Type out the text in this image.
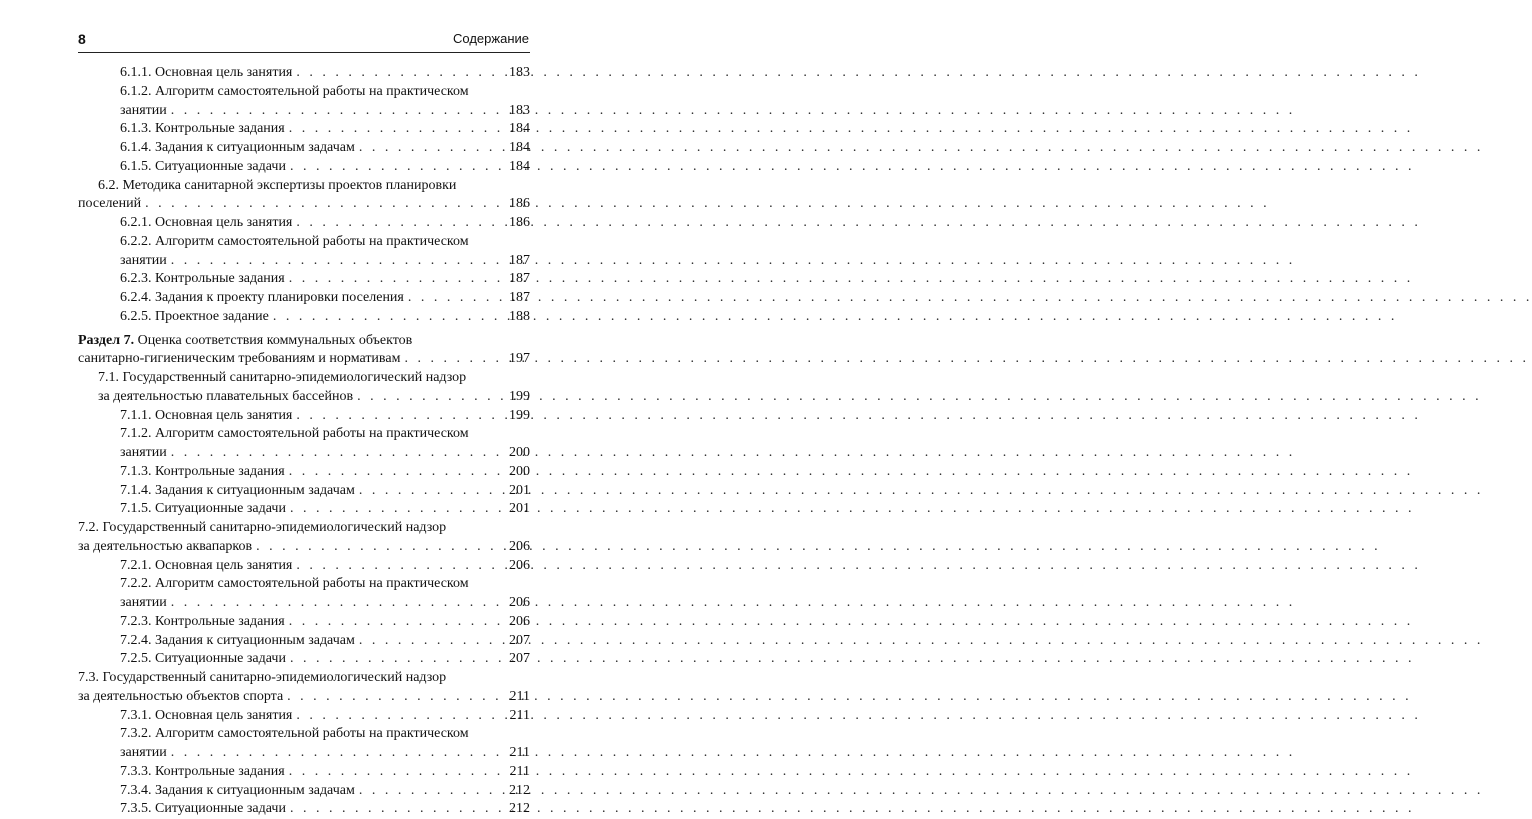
8	Содержание
6.1.1. Основная цель занятия . . .	183
6.1.2. Алгоритм самостоятельной работы на практическом
занятии . . .	183
6.1.3. Контрольные задания . . .	184
6.1.4. Задания к ситуационным задачам . . .	184
6.1.5. Ситуационные задачи . . .	184
6.2. Методика санитарной экспертизы проектов планировки
поселений . . .	186
6.2.1. Основная цель занятия . . .	186
6.2.2. Алгоритм самостоятельной работы на практическом
занятии . . .	187
6.2.3. Контрольные задания . . .	187
6.2.4. Задания к проекту планировки поселения . . .	187
6.2.5. Проектное задание . . .	188
Раздел 7. Оценка соответствия коммунальных объектов
санитарно-гигиеническим требованиям и нормативам . . .	197
7.1. Государственный санитарно-эпидемиологический надзор
за деятельностью плавательных бассейнов . . .	199
7.1.1. Основная цель занятия . . .	199
7.1.2. Алгоритм самостоятельной работы на практическом
занятии . . .	200
7.1.3. Контрольные задания . . .	200
7.1.4. Задания к ситуационным задачам . . .	201
7.1.5. Ситуационные задачи . . .	201
7.2. Государственный санитарно-эпидемиологический надзор
за деятельностью аквапарков . . .	206
7.2.1. Основная цель занятия . . .	206
7.2.2. Алгоритм самостоятельной работы на практическом
занятии . . .	206
7.2.3. Контрольные задания . . .	206
7.2.4. Задания к ситуационным задачам . . .	207
7.2.5. Ситуационные задачи . . .	207
7.3. Государственный санитарно-эпидемиологический надзор
за деятельностью объектов спорта . . .	211
7.3.1. Основная цель занятия . . .	211
7.3.2. Алгоритм самостоятельной работы на практическом
занятии . . .	211
7.3.3. Контрольные задания . . .	211
7.3.4. Задания к ситуационным задачам . . .	212
7.3.5. Ситуационные задачи . . .	212
